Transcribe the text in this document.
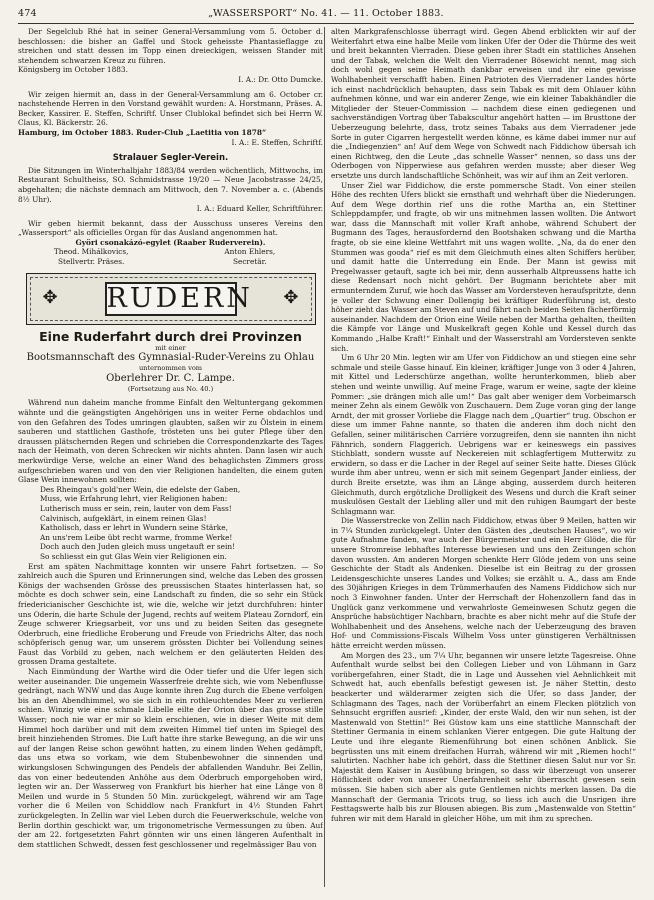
474	„WASSERSPORT“ No. 41. — 11. October 1883.

Der Segelclub Rhé hat in seiner General-Versammlung vom 5. October d. beschlossen: die bisher an Gaffel und Stock geheisste Phantasieflagge zu streichen und statt dessen im Topp einen dreieckigen, weissen Stander mit stehendem schwarzen Kreuz zu führen.

Königsberg im October 1883.

I. A.: Dr. Otto Dumcke.

Wir zeigen hiermit an, dass in der General-Versammlung am 6. October cr. nachstehende Herren in den Vorstand gewählt wurden: A. Horstmann, Präses. A. Becker, Kassirer. E. Steffen, Schriftf. Unser Clublokal befindet sich bei Herrn W. Claus, Kl. Bäckerstr. 26.

Hamburg, im October 1883. Ruder-Club „Laetitia von 1878“

I. A.: E. Steffen, Schriftf.

Stralauer Segler-Verein.

Die Sitzungen im Winterhalbjahr 1883/84 werden wöchentlich, Mittwochs, im Restaurant Schultheiss, SO. Schmidstrasse 19/20 — Neue Jacobstrasse 24/25, abgehalten; die nächste demnach am Mittwoch, den 7. November a. c. (Abends 8½ Uhr).

I. A.: Eduard Keller, Schriftführer.

Wir geben hiermit bekannt, dass der Ausschuss unseres Vereins den „Wassersport“ als officielles Organ für das Ausland angenommen hat.

Györi csonakázó-egylet (Raaber Ruderverein).

Theod. Mihálkovics,
Stellvertr. Präses.
Anton Ehlers,
Secretär.
✥ RUDERN ✥
Eine Ruderfahrt durch drei Provinzen
mit einer
Bootsmannschaft des Gymnasial-Ruder-Vereins zu Ohlau
unternommen vom
Oberlehrer Dr. C. Lampe.
(Fortsetzung aus No. 40.)

Während nun daheim manche fromme Einfalt den Weltuntergang gekommen wähnte und die geängstigten Angehörigen uns in weiter Ferne obdachlos und von den Gefahren des Todes umringen glaubten, saßen wir zu Ölstein in einem sauberen und stattlichen Gasthofe, trösteten uns bei guter Pflege über den draussen plätschernden Regen und schrieben die Correspondenzkarte des Tages nach der Heimath, von deren Schrecken wir nichts ahnten. Dann lasen wir auch merkwürdige Verse, welche an einer Wand des behaglichsten Zimmers gross aufgeschrieben waren und von den vier Religionen handelten, die einem guten Glase Wein innewohnen sollten:

Des Rheingau's gold'ner Wein, die edelste der Gaben,
Muss, wie Erfahrung lehrt, vier Religionen haben:
Lutherisch muss er sein, rein, lauter von dem Fass!
Calvinisch, aufgeklärt, in einem reinen Glas!
Katholisch, dass er lehrt in Wundern seine Stärke,
An uns'rem Leibe übt recht warme, fromme Werke!
Doch auch den Juden gleich muss ungetauft er sein!
So schliesst ein gut Glas Wein vier Religionen ein.

Erst am späten Nachmittage konnten wir unsere Fahrt fortsetzen. — So zahlreich auch die Spuren und Erinnerungen sind, welche das Leben des grossen Königs der wachsenden Grösse des preussischen Staates hinterlassen hat, so möchte es doch schwer sein, eine Landschaft zu finden, die so sehr ein Stück friedericianischer Geschichte ist, wie die, welche wir jetzt durchfuhren: hinter uns Oderin, die harte Schule der Jugend, rechts auf weitem Plateau Zorndorf, ein Zeuge schwerer Kriegsarbeit, vor uns und zu beiden Seiten das gesegnete Oderbruch, eine friedliche Eroberung und Freude von Friedrichs Alter, das noch schöpferisch genug war, um unserem grössten Dichter bei Vollendung seines Faust das Vorbild zu geben, nach welchem er den geläuterten Helden des grossen Drama gestaltete.

Nach Einmündung der Warthe wird die Oder tiefer und die Ufer legen sich weiter auseinander. Die ungemein Wasserfreie drehte sich, wie vom Nebenflusse gedrängt, nach WNW und das Auge konnte ihren Zug durch die Ebene verfolgen bis an den Abendhimmel, wo sie sich in ein rothleuchtendes Meer zu verlieren schien. Winzig wie eine schmale Libelle eilte der Orion über das grosse stille Wasser; noch nie war er mir so klein erschienen, wie in dieser Weite mit dem Himmel hoch darüber und mit dem zweiten Himmel tief unten im Spiegel des breit hinziehenden Stromes. Die Luft hatte ihre starke Bewegung, an die wir uns auf der langen Reise schon gewöhnt hatten, zu einem linden Wehen gedämpft, das uns etwa so vorkam, wie dem Stubenbewohner die sinnenden und wirkungslosen Schwingungen des Pendels der abfallenden Wanduhr. Bei Zellin, das von einer bedeutenden Anhöhe aus dem Oderbruch emporgehoben wird, legten wir an. Der Wasserweg von Frankfurt bis hierher hat eine Länge von 8 Meilen und wurde in 5 Stunden 50 Min. zurückgelegt, während wir am Tage vorher die 6 Meilen von Schiddlow nach Frankfurt in 4½ Stunden Fahrt zurückgelegten. In Zellin war viel Leben durch die Feuerwerkschule, welche von Berlin dorthin geschickt war, um trigonometrische Vermessungen zu üben. Auf der am 22. fortgesetzten Fahrt gönnten wir uns einen längeren Aufenthalt in dem stattlichen Schwedt, dessen fest geschlossener und regelmässiger Bau von

alten Markgrafenschlosse überragt wird. Gegen Abend erblickten wir auf der Weiterfahrt etwa eine halbe Meile vom linken Ufer der Oder die Thürme des weit und breit bekannten Vierraden. Diese geben ihrer Stadt ein stattliches Ansehen und der Tabak, welchen die Welt den Vierradener Bösewicht nennt, mag sich doch wohl gegen seine Heimath dankbar erweisen und ihr eine gewisse Wohlhabenheit verschafft haben. Einen Patrioten des Vierradener Landes hörte ich einst nachdrücklich behaupten, dass sein Tabak es mit dem Ohlauer kühn aufnehmen könne, und war ein anderer Zenge, wie ein kleiner Tabakhändler die Mitglieder der Steuer-Commission — nachdem diese einen gediegenen und sachverständigen Vortrag über Tabakscultur angehört hatten — im Brusttone der Ueberzeugung belehrte, dass, trotz seines Tabaks aus dem Vierradener jede Sorte in guter Cigarren hergestellt werden könne, es käme dabei immer nur auf die „Indiegenzien“ an! Auf dem Wege von Schwedt nach Fiddichow übersah ich einen Richtweg, den die Leute „das schnelle Wasser“ nennen, so dass uns der Oderbogen von Nipperwiese aus gefahren werden musste; aber dieser Weg ersetzte uns durch landschaftliche Schönheit, was wir auf ihm an Zeit verloren.

Unser Ziel war Fiddichow, die erste pommersche Stadt. Von einer steilen Höhe des rechten Ufers blickt sie ernsthaft und wehrhaft über die Niederungen. Auf dem Wege dorthin rief uns die rothe Martha an, ein Stettiner Schleppdampfer, und fragte, ob wir uns mitnehmen lassen wollten. Die Antwort war, dass die Mannschaft mit voller Kraft anhobe, während Schubert der Bugmann des Tages, herausfordernd den Bootshaken schwang und die Martha fragte, ob sie eine kleine Wettfahrt mit uns wagen wollte. „Na, da do ener den Stummen was gooda“ rief es mit dem Gleichmuth eines alten Schiffers herüber, und damit hatte die Unterredung ein Ende. Der Mann ist gewiss mit Pregelwasser getauft, sagte ich bei mir, denn ausserhalb Altpreussens hatte ich diese Redensart noch nicht gehört. Der Bugmann berichtete aber mit ermunterndem Zuruf, wie hoch das Wasser am Vordersteven heraufspritzte, denn je voller der Schwung einer Dollengig bei kräftiger Ruderführung ist, desto höher zieht das Wasser am Steven auf und fährt nach beiden Seiten fächerförmig auseinander. Nachdem der Orion eine Weile neben der Martha gehalten, theilten die Kämpfe vor Länge und Muskelkraft gegen Kohle und Kessel durch das Kommando „Halbe Kraft!“ Einhalt und der Wasserstrahl am Vordersteven senkte sich.

Um 6 Uhr 20 Min. legten wir am Ufer von Fiddichow an und stiegen eine sehr schmale und steile Gasse hinauf. Ein kleiner, kräftiger Junge von 3 oder 4 Jahren, mit Kittel und Lederschürze angethan, wollte herunterkommen, blieb aber stehen und weinte unwillig. Auf meine Frage, warum er weine, sagte der kleine Pommer: „sie drängen mich alle um!“ Das galt aber weniger dem Vorbeimarsch meiner Zehn als einem Gewölk von Zuschauern. Dem Zuge voran ging der lange Arndt, der mit grosser Vorliebe die Flagge nach dem „Quartier“ trug. Obschon er diese um immer Fahne nannte, so thaten die anderen ihm doch nicht den Gefallen, seiner militärischen Carrière vorzugreifen, denn sie nannten ihn nicht Fähnrich, sondern Flaggerich. Uebrigens war er keineswegs ein passives Stichblatt, sondern wusste auf Neckereien mit schlagfertigem Mutterwitz zu erwidern, so dass er die Lacher in der Regel auf seiner Seite hatte. Dieses Glück wurde ihm aber untreu, wenn er sich mit seinem Gegenpart Jander einliess, der durch Breite ersetzte, was ihm an Länge abging, ausserdem durch heiteren Gleichmuth, durch ergötzliche Drolligkeit des Wesens und durch die Kraft seiner muskulösen Gestalt der Liebling aller und mit den ruhigen Baumgart der beste Schlagmann war.

Die Wasserstrecke von Zellin nach Fiddichow, etwas über 9 Meilen, hatten wir in 7¼ Stunden zurückgelegt. Unter den Gästen des „deutschen Hauses“, wo wir gute Aufnahme fanden, war auch der Bürgermeister und ein Herr Glöde, die für unsere Stromreise lebhaftes Interesse bewiesen und uns den Zeitungen schon davon wussten. Am anderen Morgen schenkte Herr Glöde jedem von uns seine Geschichte der Stadt als Andenken. Dieselbe ist ein Beitrag zu der grossen Leidensgeschichte unseres Landes und Volkes; sie erzählt u. A., dass am Ende des 30jährigen Krieges in dem Trümmerhaufen des Namens Fiddichow sich nur noch 3 Einwohner fanden. Unter der Herrschaft der Hohenzollern fand das in Unglück ganz verkommene und verwahrloste Gemeinwesen Schutz gegen die Ansprüche habsüchtiger Nachbarn, brachte es aber nicht mehr auf die Stufe der Wohlhabenheit und des Ansehens, welche nach der Ueberzeugung des braven Hof- und Commissions-Fiscals Wilhelm Voss unter günstigeren Verhältnissen hätte erreicht werden müssen.

Am Morgen des 23., um 7¼ Uhr, begannen wir unsere letzte Tagesreise. Ohne Aufenthalt wurde selbst bei den Collegen Lieber und von Lühmann in Garz vorübergefahren, einer Stadt, die in Lage und Aussehen viel Aehnlichkeit mit Schwedt hat, auch ebenfalls befestigt gewesen ist. Je näher Stettin, desto beackerter und wälderarmer zeigten sich die Ufer, so dass Jander, der Schlagmann des Tages, nach der Vorüberfahrt an einem Flecken plötzlich von Sehnsucht ergriffen ausrief: „Kinder, der erste Wald, den wir nun sehen, ist der Mastenwald von Stettin!“ Bei Güstow kam uns eine stattliche Mannschaft der Stettiner Germania in einem schlanken Vierer entgegen. Die gute Haltung der Leute und ihre elegante Riemenführung bot einen schönen Anblick. Sie begrüssten uns mit einem dreifachen Hurrah, während wir mit „Riemen hoch!“ salutirten. Nachher habe ich gehört, dass die Stettiner diesen Salut nur vor Sr. Majestät dem Kaiser in Ausübung bringen, so dass wir überzeugt von unserer Höflichkeit oder von unserer Unerfahrenheit sehr überrascht gewesen sein müssen. Sie haben sich aber als gute Gentlemen nichts merken lassen. Da die Mannschaft der Germania Tricots trug, so liess ich auch die Unsrigen ihre Festtagswerte halb bis zur Blousen abiegen. Bis zum „Mastenwalde von Stettin“ fuhren wir mit dem Harald in gleicher Höhe, um mit ihm zu sprechen.
